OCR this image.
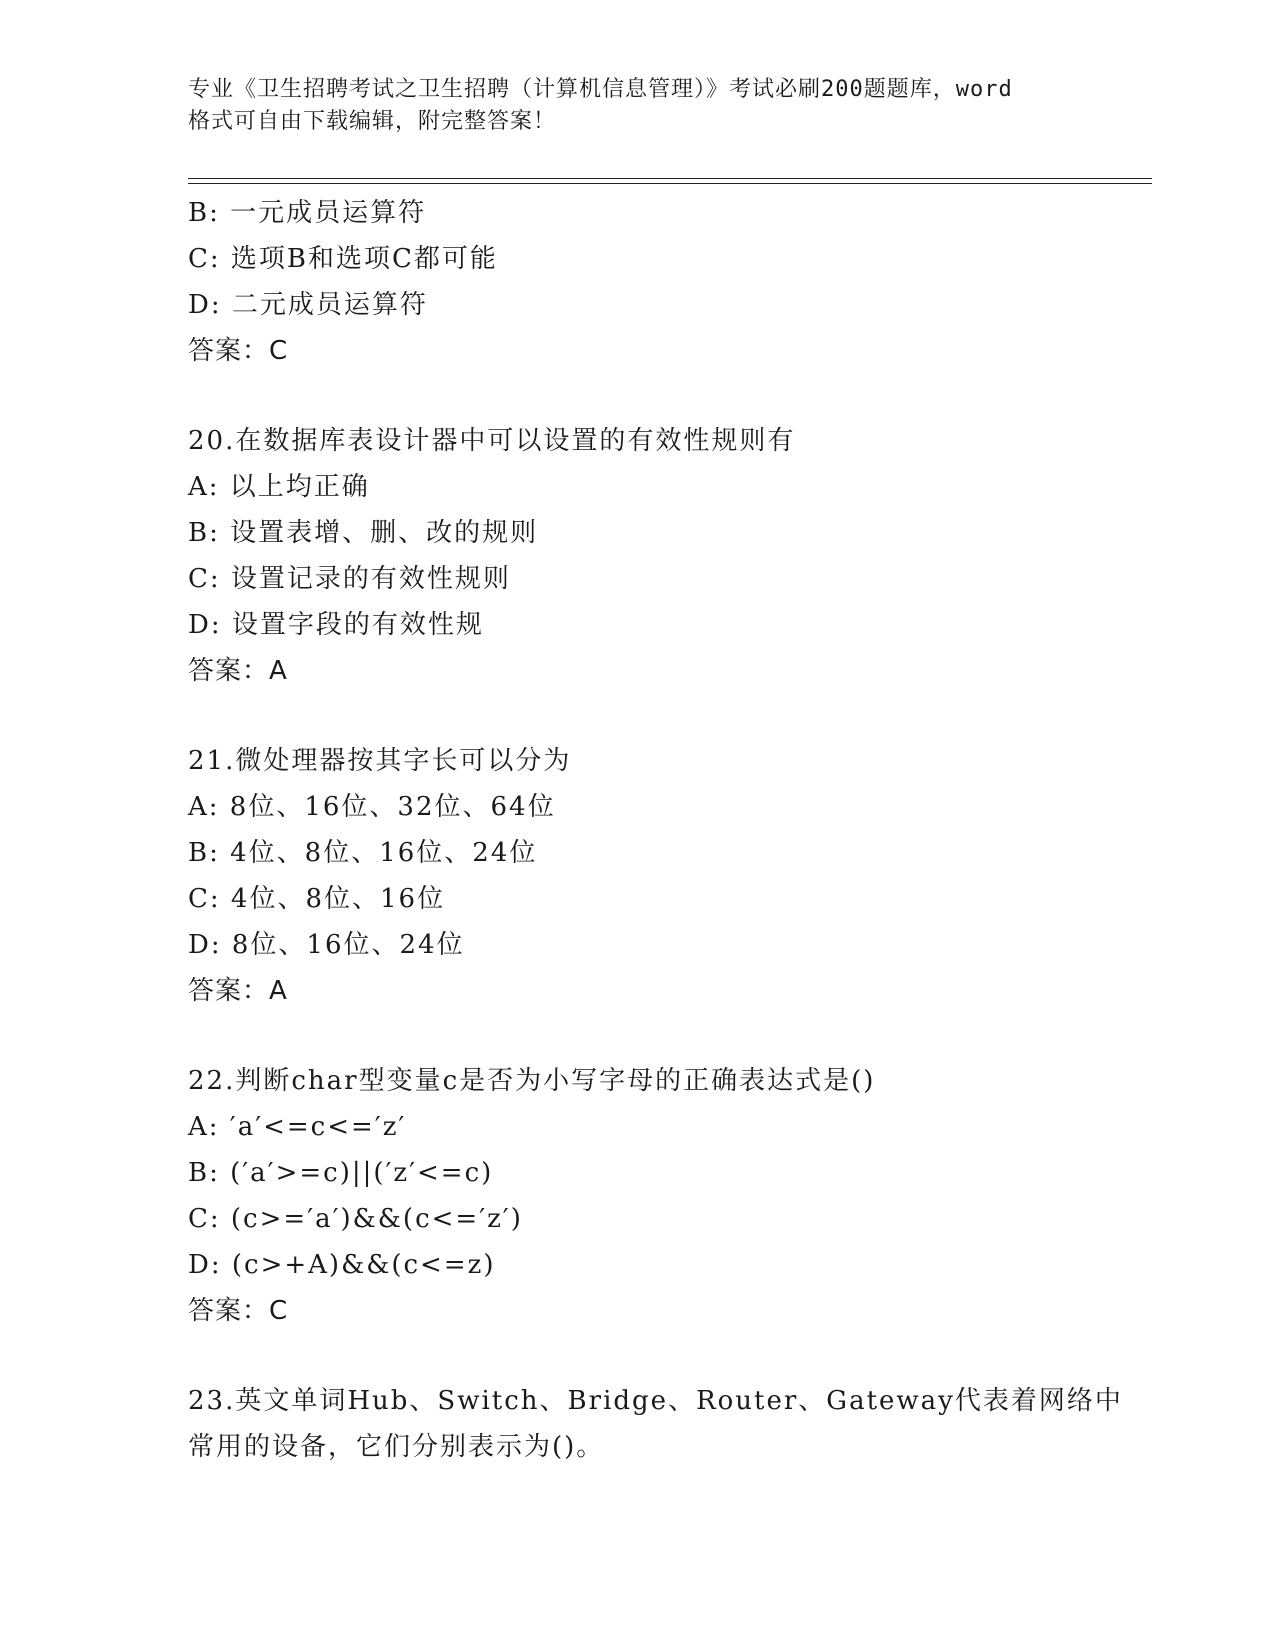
专业《卫生招聘考试之卫生招聘（计算机信息管理）》考试必刷200题题库，word
格式可自由下载编辑，附完整答案！
B: 一元成员运算符
C: 选项B和选项C都可能
D: 二元成员运算符
答案：C
20.在数据库表设计器中可以设置的有效性规则有
A: 以上均正确
B: 设置表增、删、改的规则
C: 设置记录的有效性规则
D: 设置字段的有效性规
答案：A
21.微处理器按其字长可以分为
A: 8位、16位、32位、64位
B: 4位、8位、16位、24位
C: 4位、8位、16位
D: 8位、16位、24位
答案：A
22.判断char型变量c是否为小写字母的正确表达式是()
A: ′a′<=c<=′z′
B: (′a′>=c)||(′z′<=c)
C: (c>=′a′)&&(c<=′z′)
D: (c>+A)&&(c<=z)
答案：C
23.英文单词Hub、Switch、Bridge、Router、Gateway代表着网络中
常用的设备，它们分别表示为()。
